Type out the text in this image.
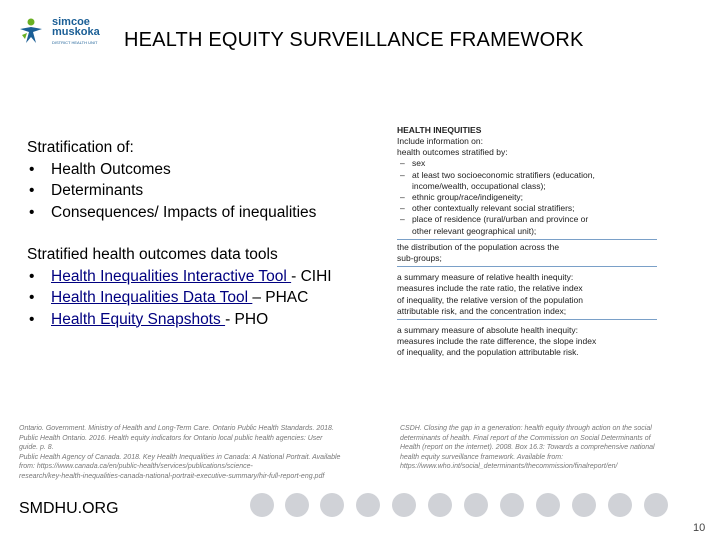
simcoe
muskoka
DISTRICT HEALTH UNIT HEALTH EQUITY SURVEILLANCE FRAMEWORK
Stratification of:
• Health Outcomes
• Determinants
• Consequences/ Impacts of inequalities
Stratified health outcomes data tools
• Health Inequalities Interactive Tool - CIHI
• Health Inequalities Data Tool – PHAC
• Health Equity Snapshots - PHO
HEALTH INEQUITIES
Include information on:
health outcomes stratified by:
– sex
– at least two socioeconomic stratifiers (education,
income/wealth, occupational class);
– ethnic group/race/indigeneity;
– other contextually relevant social stratifiers;
– place of residence (rural/urban and province or
other relevant geographical unit);
the distribution of the population across the
sub-groups;
a summary measure of relative health inequity:
measures include the rate ratio, the relative index
of inequality, the relative version of the population
attributable risk, and the concentration index;
a summary measure of absolute health inequity:
measures include the rate difference, the slope index
of inequality, and the population attributable risk.
Ontario. Government. Ministry of Health and Long-Term Care. Ontario Public Health Standards. 2018.
Public Health Ontario. 2016. Health equity indicators for Ontario local public health agencies: User
guide. p. 8.
Public Health Agency of Canada. 2018. Key Health Inequalities in Canada: A National Portrait. Available
from: https://www.canada.ca/en/public-health/services/publications/science-
research/key-health-inequalities-canada-national-portrait-executive-summary/hir-full-report-eng.pdf
CSDH. Closing the gap in a generation: health equity through action on the social
determinants of health. Final report of the Commission on Social Determinants of
Health (report on the internet). 2008. Box 16.3: Towards a comprehensive national
health equity surveillance framework. Available from:
https://www.who.int/social_determinants/thecommission/finalreport/en/
SMDHU.ORG
10
